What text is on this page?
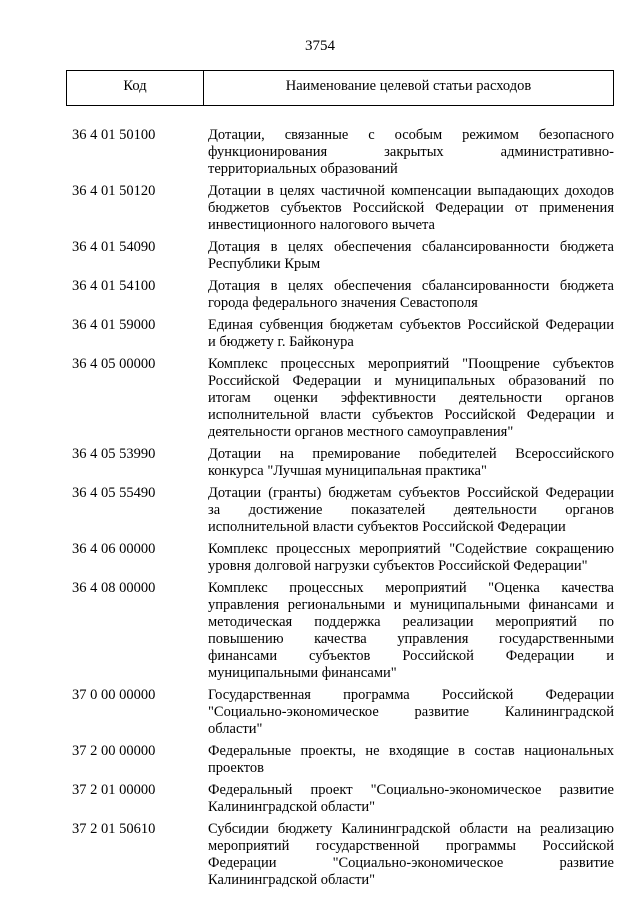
3754
Код	Наименование целевой статьи расходов
36 4 01 50100	Дотации, связанные с особым режимом безопасного
функционирования закрытых административно-
территориальных образований
36 4 01 50120	Дотации в целях частичной компенсации выпадающих доходов
бюджетов субъектов Российской Федерации от применения
инвестиционного налогового вычета
36 4 01 54090	Дотация в целях обеспечения сбалансированности бюджета
Республики Крым
36 4 01 54100	Дотация в целях обеспечения сбалансированности бюджета
города федерального значения Севастополя
36 4 01 59000	Единая субвенция бюджетам субъектов Российской Федерации
и бюджету г. Байконура
36 4 05 00000	Комплекс процессных мероприятий "Поощрение субъектов
Российской Федерации и муниципальных образований по
итогам оценки эффективности деятельности органов
исполнительной власти субъектов Российской Федерации и
деятельности органов местного самоуправления"
36 4 05 53990	Дотации на премирование победителей Всероссийского
конкурса "Лучшая муниципальная практика"
36 4 05 55490	Дотации (гранты) бюджетам субъектов Российской Федерации
за достижение показателей деятельности органов
исполнительной власти субъектов Российской Федерации
36 4 06 00000	Комплекс процессных мероприятий "Содействие сокращению
уровня долговой нагрузки субъектов Российской Федерации"
36 4 08 00000	Комплекс процессных мероприятий "Оценка качества
управления региональными и муниципальными финансами и
методическая поддержка реализации мероприятий по
повышению качества управления государственными
финансами субъектов Российской Федерации и
муниципальными финансами"
37 0 00 00000	Государственная программа Российской Федерации
"Социально-экономическое развитие Калининградской
области"
37 2 00 00000	Федеральные проекты, не входящие в состав национальных
проектов
37 2 01 00000	Федеральный проект "Социально-экономическое развитие
Калининградской области"
37 2 01 50610	Субсидии бюджету Калининградской области на реализацию
мероприятий государственной программы Российской
Федерации "Социально-экономическое развитие
Калининградской области"
